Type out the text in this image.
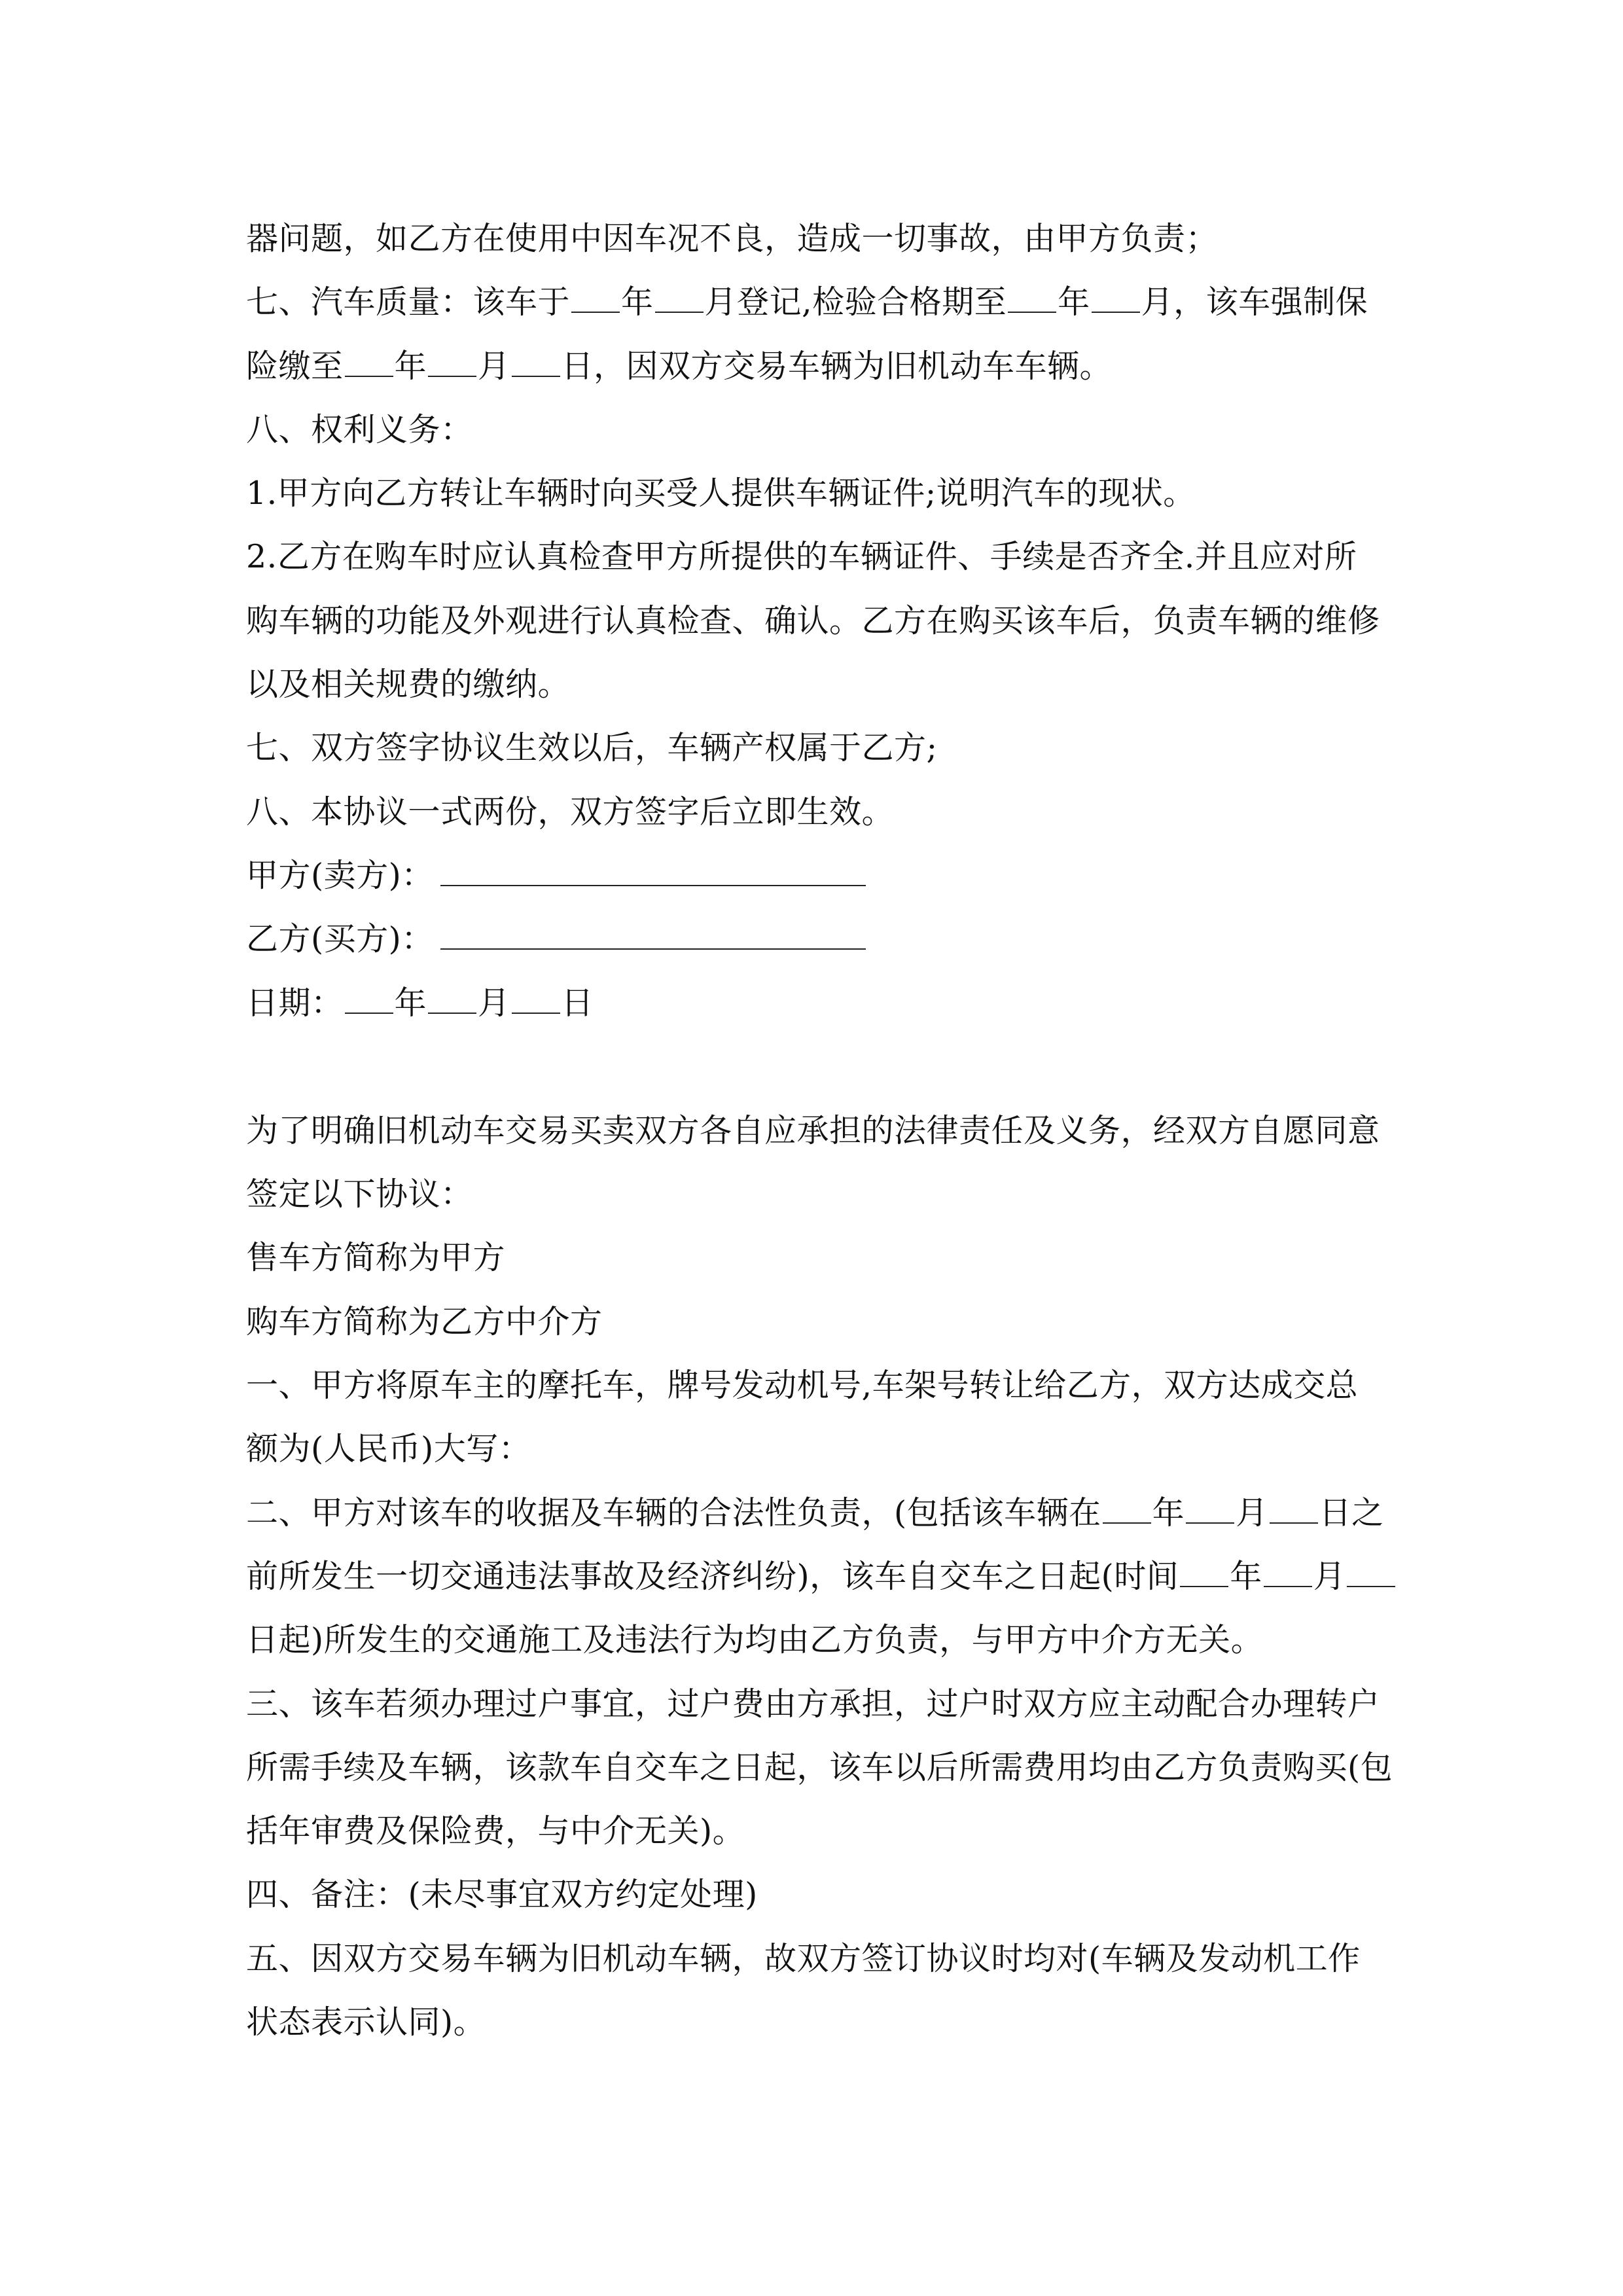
器问题，如乙方在使用中因车况不良，造成一切事故，由甲方负责；
七、汽车质量：该车于 年 月登记,检验合格期至 年 月，该车强制保
险缴至 年 月 日，因双方交易车辆为旧机动车车辆。
八、权利义务：
1.甲方向乙方转让车辆时向买受人提供车辆证件;说明汽车的现状。
2.乙方在购车时应认真检查甲方所提供的车辆证件、手续是否齐全.并且应对所
购车辆的功能及外观进行认真检查、确认。乙方在购买该车后，负责车辆的维修
以及相关规费的缴纳。
七、双方签字协议生效以后，车辆产权属于乙方;
八、本协议一式两份，双方签字后立即生效。
甲方(卖方)：
乙方(买方)：
日期： 年 月 日
为了明确旧机动车交易买卖双方各自应承担的法律责任及义务，经双方自愿同意
签定以下协议：
售车方简称为甲方
购车方简称为乙方中介方
一、甲方将原车主的摩托车，牌号发动机号,车架号转让给乙方，双方达成交总
额为(人民币)大写：
二、甲方对该车的收据及车辆的合法性负责，(包括该车辆在 年 月 日之
前所发生一切交通违法事故及经济纠纷)，该车自交车之日起(时间 年 月
日起)所发生的交通施工及违法行为均由乙方负责，与甲方中介方无关。
三、该车若须办理过户事宜，过户费由方承担，过户时双方应主动配合办理转户
所需手续及车辆，该款车自交车之日起，该车以后所需费用均由乙方负责购买(包
括年审费及保险费，与中介无关)。
四、备注：(未尽事宜双方约定处理)
五、因双方交易车辆为旧机动车辆，故双方签订协议时均对(车辆及发动机工作
状态表示认同)。
